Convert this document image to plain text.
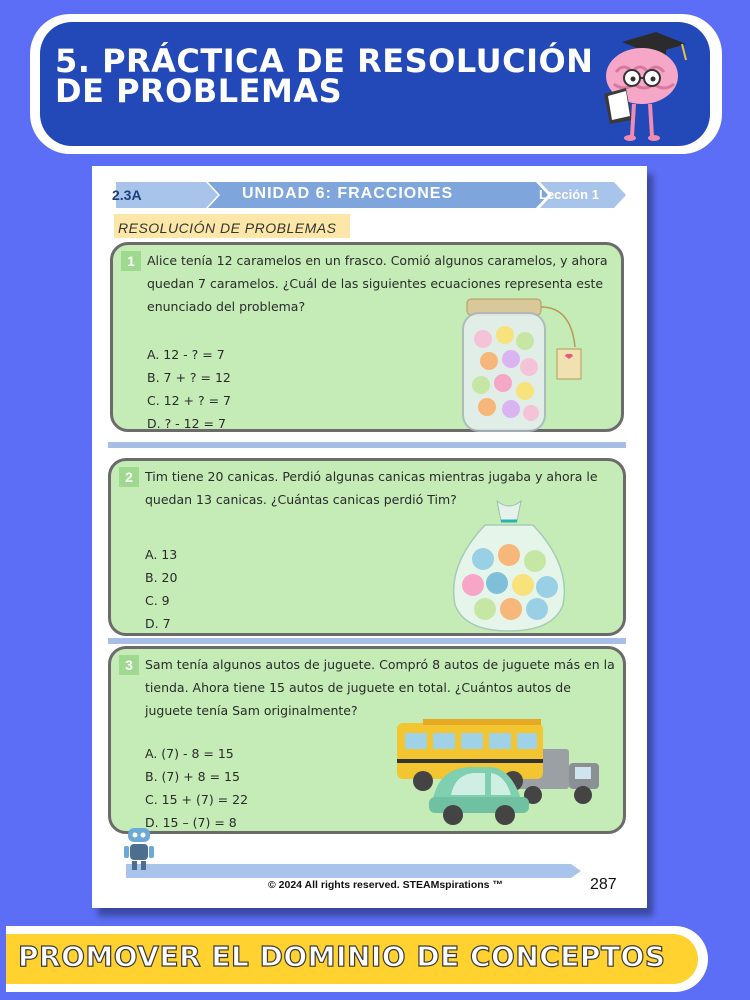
5. PRÁCTICA DE RESOLUCIÓN
DE PROBLEMAS
2.3A	UNIDAD 6: FRACCIONES	Lección 1
RESOLUCIÓN DE PROBLEMAS
1 Alice tenía 12 caramelos en un frasco. Comió algunos caramelos, y ahora quedan 7 caramelos. ¿Cuál de las siguientes ecuaciones representa este enunciado del problema?
A. 12 - ? = 7
B. 7 + ? = 12
C. 12 + ? = 7
D. ? - 12 = 7
2 Tim tiene 20 canicas. Perdió algunas canicas mientras jugaba y ahora le quedan 13 canicas. ¿Cuántas canicas perdió Tim?
A. 13
B. 20
C. 9
D. 7
3 Sam tenía algunos autos de juguete. Compró 8 autos de juguete más en la tienda. Ahora tiene 15 autos de juguete en total. ¿Cuántos autos de juguete tenía Sam originalmente?
A. (7) - 8 = 15
B. (7) + 8 = 15
C. 15 + (7) = 22
D. 15 – (7) = 8
© 2024 All rights reserved. STEAMspirations ™	287
PROMOVER EL DOMINIO DE CONCEPTOS
